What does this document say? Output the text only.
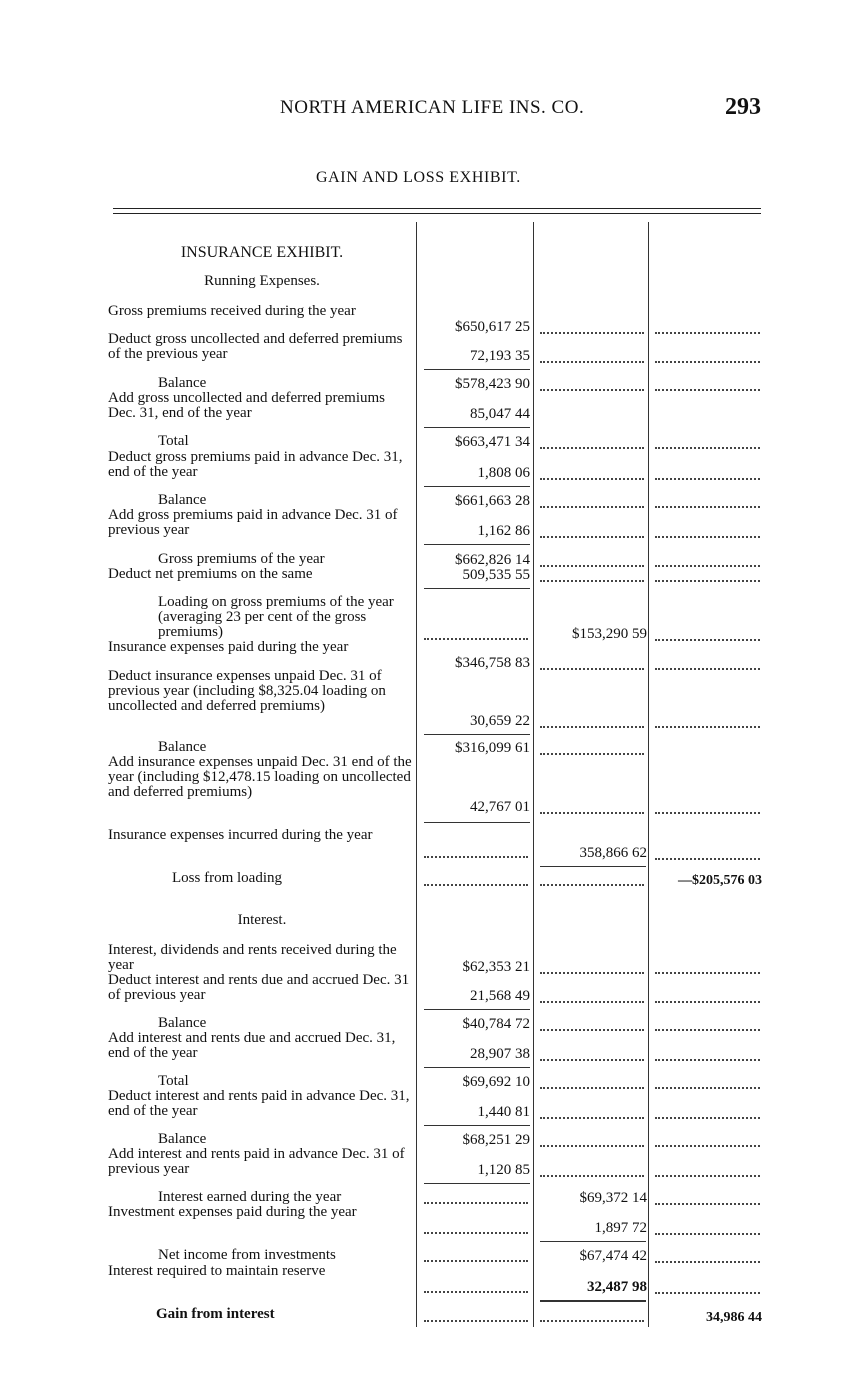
NORTH AMERICAN LIFE INS. CO.	293
GAIN AND LOSS EXHIBIT.
INSURANCE EXHIBIT.
Running Expenses.
Gross premiums received during the year
$650,617 25
Deduct gross uncollected and deferred premiums of the previous year	72,193 35
Balance	$578,423 90
Add gross uncollected and deferred premiums Dec. 31, end of the year	85,047 44
Total	$663,471 34
Deduct gross premiums paid in advance Dec. 31, end of the year	1,808 06
Balance	$661,663 28
Add gross premiums paid in advance Dec. 31 of previous year	1,162 86
Gross premiums of the year	$662,826 14
Deduct net premiums on the same	509,535 55
Loading on gross premiums of the year (averaging 23 per cent of the gross premiums)	$153,290 59
Insurance expenses paid during the year
$346,758 83
Deduct insurance expenses unpaid Dec. 31 of previous year (including $8,325.04 loading on uncollected and deferred premiums)
30,659 22
Balance	$316,099 61
Add insurance expenses unpaid Dec. 31 end of the year (including $12,478.15 loading on uncollected and deferred premiums)
42,767 01
Insurance expenses incurred during the year
358,866 62
Loss from loading	—$205,576 03
Interest.
Interest, dividends and rents received during the year	$62,353 21
Deduct interest and rents due and accrued Dec. 31 of previous year	21,568 49
Balance	$40,784 72
Add interest and rents due and accrued Dec. 31, end of the year	28,907 38
Total	$69,692 10
Deduct interest and rents paid in advance Dec. 31, end of the year	1,440 81
Balance	$68,251 29
Add interest and rents paid in advance Dec. 31 of previous year	1,120 85
Interest earned during the year	$69,372 14
Investment expenses paid during the year
1,897 72
Net income from investments	$67,474 42
Interest required to maintain reserve
32,487 98
Gain from interest	34,986 44
